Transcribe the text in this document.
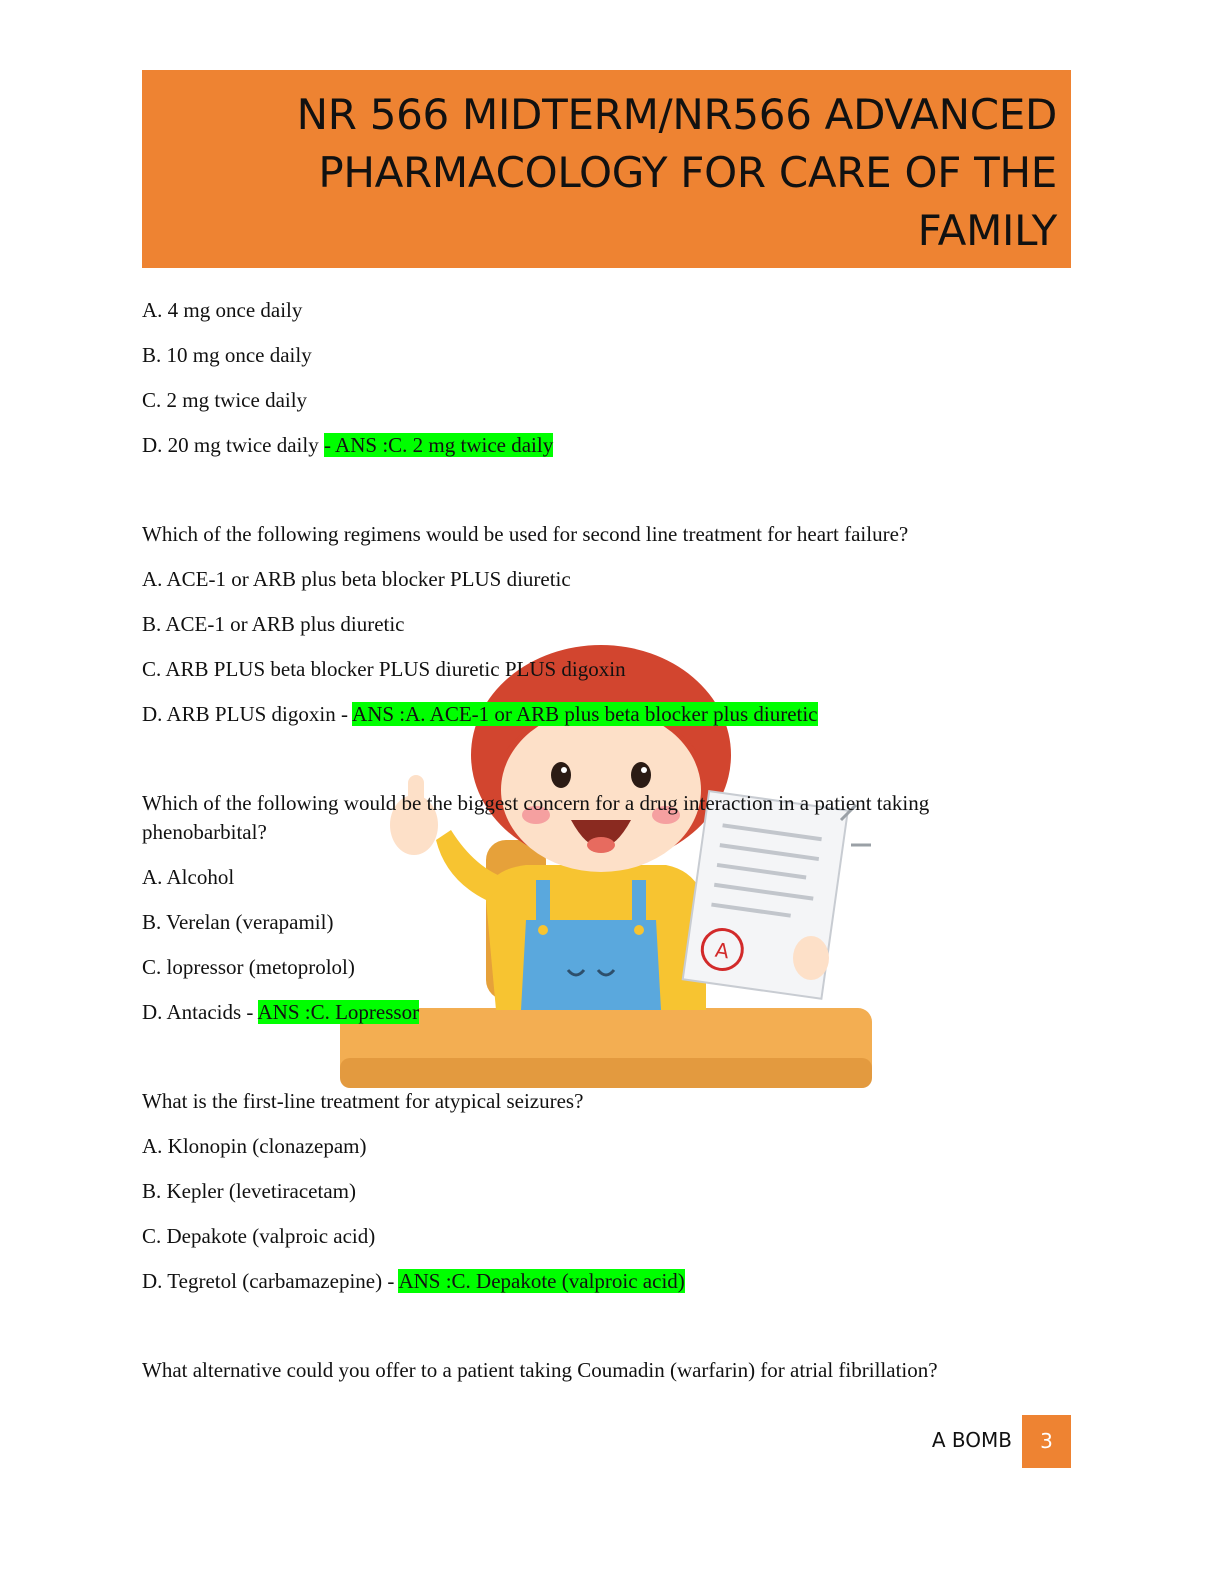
NR 566 MIDTERM/NR566 ADVANCED
PHARMACOLOGY FOR CARE OF THE
FAMILY
A
A. 4 mg once daily
B. 10 mg once daily
C. 2 mg twice daily
D. 20 mg twice daily - ANS :C. 2 mg twice daily
Which of the following regimens would be used for second line treatment for heart failure?
A. ACE-1 or ARB plus beta blocker PLUS diuretic
B. ACE-1 or ARB plus diuretic
C. ARB PLUS beta blocker PLUS diuretic PLUS digoxin
D. ARB PLUS digoxin - ANS :A. ACE-1 or ARB plus beta blocker plus diuretic
Which of the following would be the biggest concern for a drug interaction in a patient taking
phenobarbital?
A. Alcohol
B. Verelan (verapamil)
C. lopressor (metoprolol)
D. Antacids - ANS :C. Lopressor
What is the first-line treatment for atypical seizures?
A. Klonopin (clonazepam)
B. Kepler (levetiracetam)
C. Depakote (valproic acid)
D. Tegretol (carbamazepine) - ANS :C. Depakote (valproic acid)
What alternative could you offer to a patient taking Coumadin (warfarin) for atrial fibrillation?
A BOMB	3
